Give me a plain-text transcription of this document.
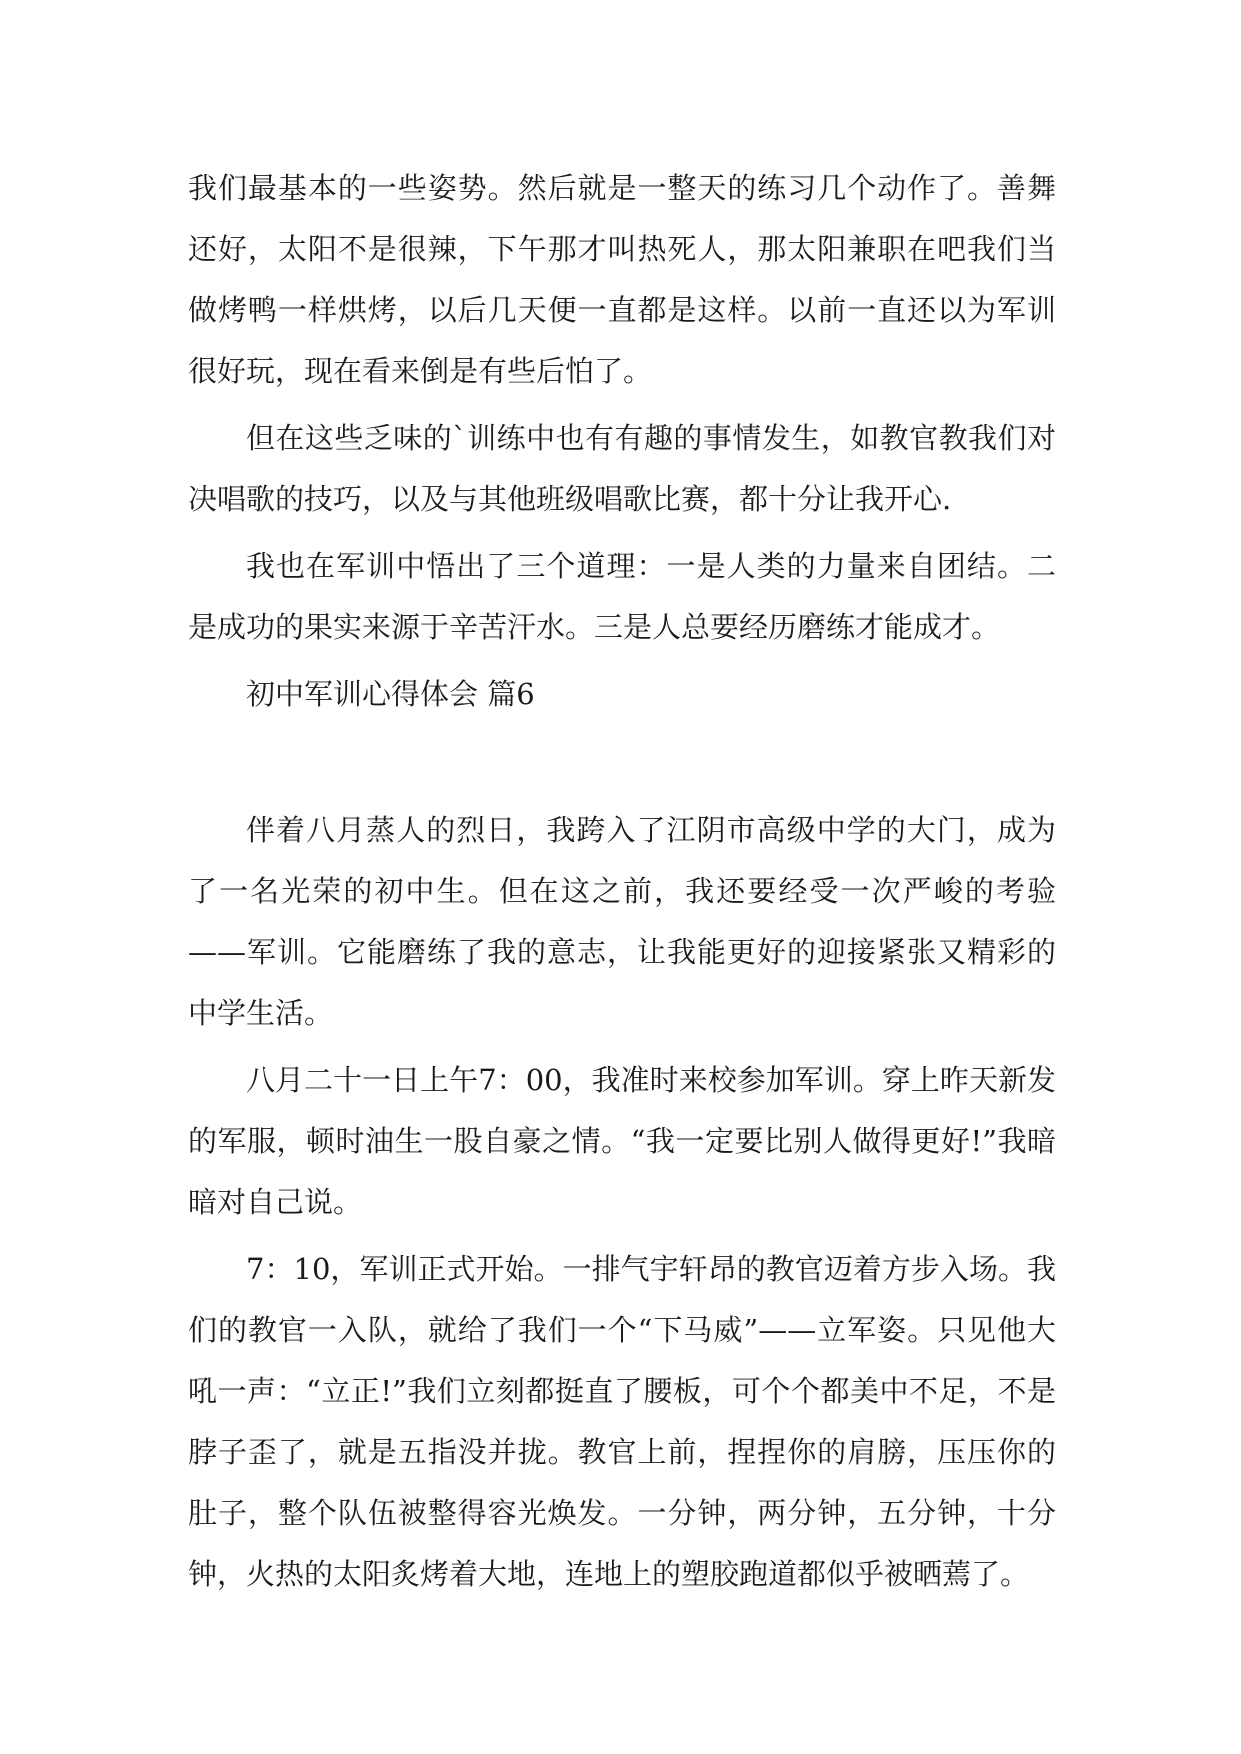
我们最基本的一些姿势。然后就是一整天的练习几个动作了。善舞还好，太阳不是很辣，下午那才叫热死人，那太阳兼职在吧我们当做烤鸭一样烘烤，以后几天便一直都是这样。以前一直还以为军训很好玩，现在看来倒是有些后怕了。

但在这些乏味的`训练中也有有趣的事情发生，如教官教我们对决唱歌的技巧，以及与其他班级唱歌比赛，都十分让我开心.

我也在军训中悟出了三个道理：一是人类的力量来自团结。二是成功的果实来源于辛苦汗水。三是人总要经历磨练才能成才。

初中军训心得体会 篇6

伴着八月蒸人的烈日，我跨入了江阴市高级中学的大门，成为了一名光荣的初中生。但在这之前，我还要经受一次严峻的考验——军训。它能磨练了我的意志，让我能更好的迎接紧张又精彩的中学生活。

八月二十一日上午7：00，我准时来校参加军训。穿上昨天新发的军服，顿时油生一股自豪之情。“我一定要比别人做得更好!”我暗暗对自己说。

7：10，军训正式开始。一排气宇轩昂的教官迈着方步入场。我们的教官一入队，就给了我们一个“下马威”——立军姿。只见他大吼一声：“立正!”我们立刻都挺直了腰板，可个个都美中不足，不是脖子歪了，就是五指没并拢。教官上前，捏捏你的肩膀，压压你的肚子，整个队伍被整得容光焕发。一分钟，两分钟，五分钟，十分钟，火热的太阳炙烤着大地，连地上的塑胶跑道都似乎被晒蔫了。
